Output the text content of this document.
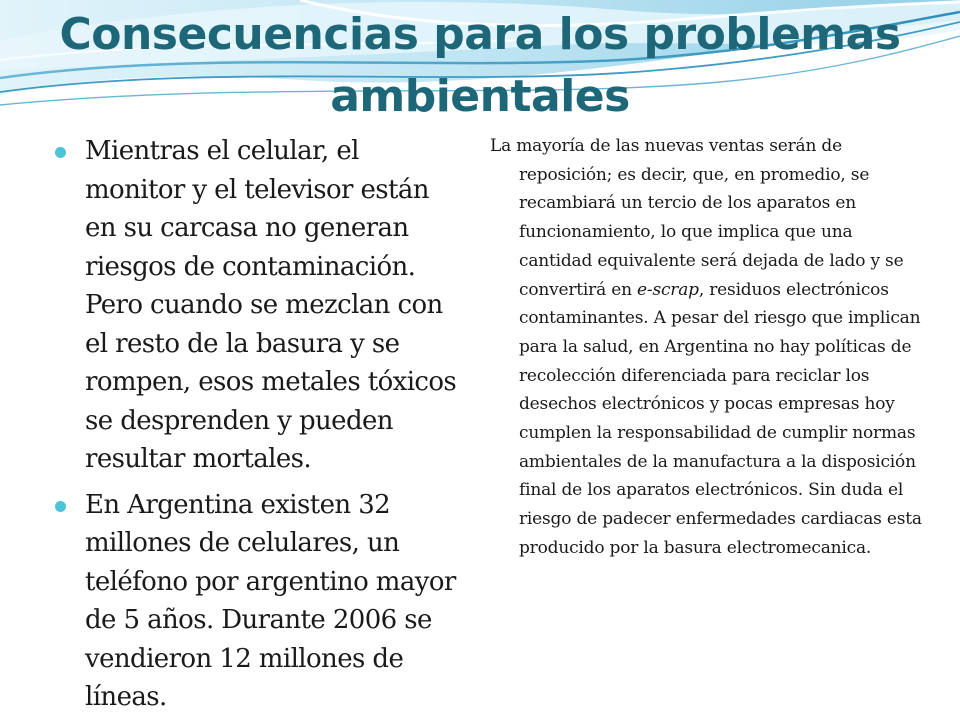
Consecuencias para los problemas ambientales
Mientras el celular, el monitor y el televisor están en su carcasa no generan riesgos de contaminación. Pero cuando se mezclan con el resto de la basura y se rompen, esos metales tóxicos se desprenden y pueden resultar mortales.
En Argentina existen 32 millones de celulares, un teléfono por argentino mayor de 5 años. Durante 2006 se vendieron 12 millones de líneas.

La mayoría de las nuevas ventas serán de reposición; es decir, que, en promedio, se recambiará un tercio de los aparatos en funcionamiento, lo que implica que una cantidad equivalente será dejada de lado y se convertirá en e-scrap, residuos electrónicos contaminantes. A pesar del riesgo que implican para la salud, en Argentina no hay políticas de recolección diferenciada para reciclar los desechos electrónicos y pocas empresas hoy cumplen la responsabilidad de cumplir normas ambientales de la manufactura a la disposición final de los aparatos electrónicos. Sin duda el riesgo de padecer enfermedades cardiacas esta producido por la basura electromecanica.
